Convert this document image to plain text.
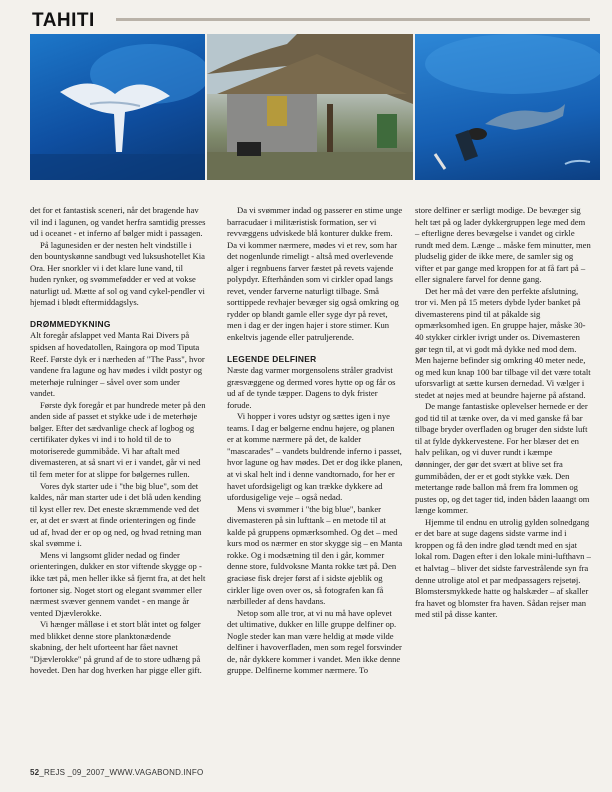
TAHITI

det for et fantastisk sceneri, når det bragende hav vil ind i lagunen, og vandet herfra samtidig presses ud i oceanet - et inferno af bølger midt i passagen.

På lagunesiden er der nesten helt vindstille i den bountyskønne sandbugt ved luksushotellet Kia Ora. Her snorkler vi i det klare lune vand, til huden rynker, og svømmefødder er ved at vokse naturligt ud. Mætte af sol og vand cykel-pendler vi hjemad i blødt eftermiddagslys.

DRØMMEDYKNING

Alt foregår afslappet ved Manta Rai Divers på spidsen af hovedatollen, Raingora op mod Tiputa Reef. Første dyk er i nærheden af "The Pass", hvor vandene fra lagune og hav mødes i vildt postyr og meterhøje rulninger – såvel over som under vandet.

Første dyk foregår et par hundrede meter på den anden side af passet et stykke ude i de meterhøje bølger. Efter det sædvanlige check af logbog og certifikater dykes vi ind i to hold til de to motoriserede gummibåde. Vi har aftalt med divemasteren, at så snart vi er i vandet, går vi ned til fem meter for at slippe for bølgernes rullen.

Vores dyk starter ude i "the big blue", som det kaldes, når man starter ude i det blå uden kending til kyst eller rev. Det eneste skræmmende ved det er, at det er svært at finde orienteringen og finde ud af, hvad der er op og ned, og hvad retning man skal svømme i.

Mens vi langsomt glider nedad og finder orienteringen, dukker en stor viftende skygge op - ikke tæt på, men heller ikke så fjernt fra, at det helt fortoner sig. Noget stort og elegant svømmer eller nærmest svæver gennem vandet - en mange år vented Djævlerokke.

Vi hænger målløse i et stort blåt intet og følger med blikket denne store planktonædende skabning, der helt uforteent har fået navnet "Djævlerokke" på grund af de to store udhæng på hovedet. Den har dog hverken har pigge eller gift.

Da vi svømmer indad og passerer en stime unge barracudaer i militæristisk formation, ser vi revvæggens udviskede blå konturer dukke frem. Da vi kommer nærmere, mødes vi et rev, som har det nogenlunde rimeligt - altså med overlevende alger i regnbuens farver fæstet på revets vajende polypdyr. Efterhånden som vi cirkler opad langs revet, vender farverne naturligt tilbage. Små sorttippede revhajer bevæger sig også omkring og rydder op blandt gamle eller syge dyr på revet, men i dag er der ingen hajer i store stimer. Kun enkeltvis jagende eller patruljerende.

LEGENDE DELFINER

Næste dag varmer morgensolens stråler gradvist græsvæggene og dermed vores hytte op og får os ud af de tynde tæpper. Dagens to dyk frister forude.

Vi hopper i vores udstyr og sættes igen i nye teams. I dag er bølgerne endnu højere, og planen er at komme nærmere på det, de kalder "mascarades" – vandets buldrende inferno i passet, hvor lagune og hav mødes. Det er dog ikke planen, at vi skal helt ind i denne vandtornado, for her er havet ufordsigeligt og kan trække dykkere ad ufordusigelige veje – også nedad.

Mens vi svømmer i "the big blue", banker divemasteren på sin lufttank – en metode til at kalde på gruppens opmærksomhed. Og det – med kurs mod os nærmer en stor skygge sig – en Manta rokke. Og i modsætning til den i går, kommer denne store, fuldvoksne Manta rokke tæt på. Den graciøse fisk drejer først af i sidste øjeblik og cirkler lige oven over os, så fotografen kan få nærbilleder af dens havdans.

Netop som alle tror, at vi nu må have oplevet det ultimative, dukker en lille gruppe delfiner op. Nogle steder kan man være heldig at møde vilde delfiner i havoverfladen, men som regel forsvinder de, når dykkere kommer i vandet. Men ikke denne gruppe. Delfinerne kommer nærmere. To

store delfiner er særligt modige. De bevæger sig helt tæt på og lader dykkergruppen lege med dem – efterligne deres bevægelse i vandet og cirkle rundt med dem. Længe .. måske fem minutter, men pludselig gider de ikke mere, de samler sig og vifter et par gange med kroppen for at få fart på – eller signalere farvel for denne gang.

Det her må det være den perfekte afslutning, tror vi. Men på 15 meters dybde lyder banket på divemasterens pind til at påkalde sig opmærksomhed igen. En gruppe hajer, måske 30-40 stykker cirkler ivrigt under os. Divemasteren gør tegn til, at vi godt må dykke ned mod dem. Men hajerne befinder sig omkring 40 meter nede, og med kun knap 100 bar tilbage vil det være totalt uforsvarligt at sætte kursen dernedad. Vi vælger i stedet at nøjes med at beundre hajerne på afstand.

De mange fantastiske oplevelser hernede er der god tid til at tænke over, da vi med ganske få bar tilbage bryder overfladen og bruger den sidste luft til at fylde dykkervestene. For her blæser det en halv pelikan, og vi duver rundt i kæmpe dønninger, der gør det svært at blive set fra gummibåden, der er et godt stykke væk. Den metertange røde ballon må frem fra lommen og pustes op, og det tager tid, inden båden laaangt om længe kommer.

Hjemme til endnu en utrolig gylden solnedgang er det bare at suge dagens sidste varme ind i kroppen og få den indre glød tændt med en sjat lokal rom. Dagen efter i den lokale mini-lufthavn – et halvtag – bliver det sidste farvestrålende syn fra denne utrolige atol et par medpassagers rejsetøj. Blomstersmykkede hatte og halskæder – af skaller fra havet og blomster fra haven. Sådan rejser man med stil på disse kanter.

52_REJS _09_2007_WWW.VAGABOND.INFO
